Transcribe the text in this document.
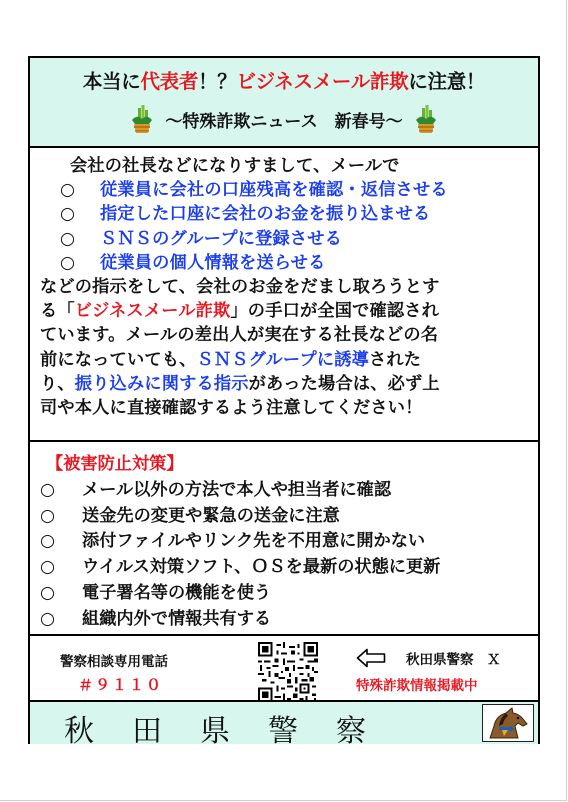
本当に代表者！？ビジネスメール詐欺に注意！
～特殊詐欺ニュース　新春号～
会社の社長などになりすまして、メールで
○	従業員に会社の口座残高を確認・返信させる
○	指定した口座に会社のお金を振り込ませる
○	ＳＮＳのグループに登録させる
○	従業員の個人情報を送らせる
などの指示をして、会社のお金をだまし取ろうとす
る「ビジネスメール詐欺」の手口が全国で確認され
ています。メールの差出人が実在する社長などの名
前になっていても、ＳＮＳグループに誘導された
り、振り込みに関する指示があった場合は、必ず上
司や本人に直接確認するよう注意してください！
【被害防止対策】
○	メール以外の方法で本人や担当者に確認
○	送金先の変更や緊急の送金に注意
○	添付ファイルやリンク先を不用意に開かない
○	ウイルス対策ソフト、ＯＳを最新の状態に更新
○	電子署名等の機能を使う
○	組織内外で情報共有する
警察相談専用電話
＃９１１０
秋田県警察　Ｘ
特殊詐欺情報掲載中
秋田県警察
